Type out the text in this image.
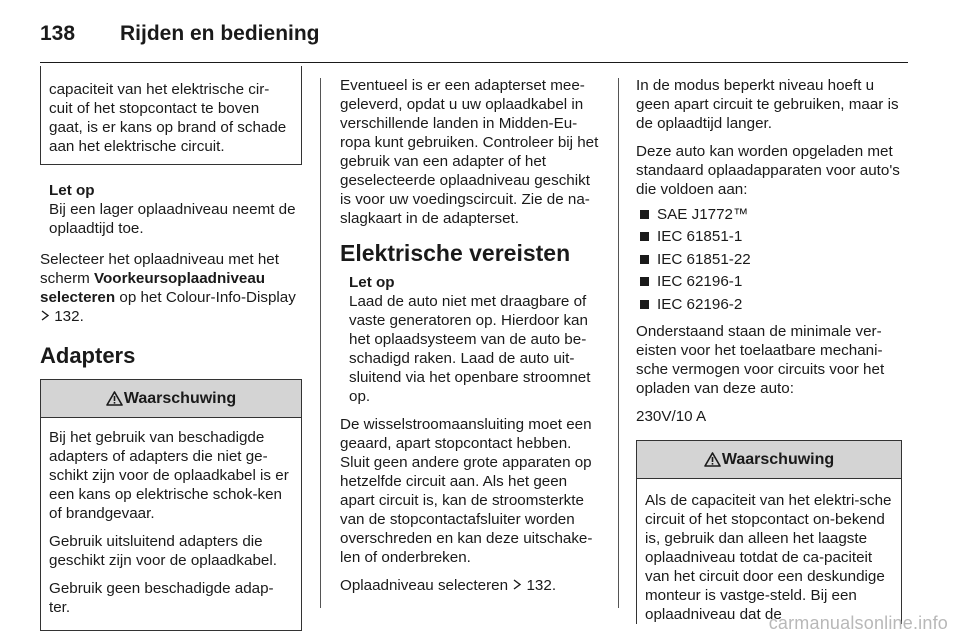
138	Rijden en bediening
capaciteit van het elektrische cir-
cuit of het stopcontact te boven
gaat, is er kans op brand of schade
aan het elektrische circuit.
Let op
Bij een lager oplaadniveau neemt de oplaadtijd toe.

Selecteer het oplaadniveau met het scherm Voorkeursoplaadniveau selecteren op het Colour-Info-Display
132.

Adapters
Waarschuwing

Bij het gebruik van beschadigde adapters of adapters die niet ge-schikt zijn voor de oplaadkabel is er een kans op elektrische schok-ken of brandgevaar.

Gebruik uitsluitend adapters die geschikt zijn voor de oplaadkabel.

Gebruik geen beschadigde adap-ter.

Eventueel is er een adapterset mee-geleverd, opdat u uw oplaadkabel in verschillende landen in Midden-Eu-ropa kunt gebruiken. Controleer bij het gebruik van een adapter of het geselecteerde oplaadniveau geschikt is voor uw voedingscircuit. Zie de na-slagkaart in de adapterset.

Elektrische vereisten
Let op
Laad de auto niet met draagbare of vaste generatoren op. Hierdoor kan het oplaadsysteem van de auto be-schadigd raken. Laad de auto uit-sluitend via het openbare stroomnet op.

De wisselstroomaansluiting moet een geaard, apart stopcontact hebben. Sluit geen andere grote apparaten op hetzelfde circuit aan. Als het geen apart circuit is, kan de stroomsterkte van de stopcontactafsluiter worden overschreden en kan deze uitschake-len of onderbreken.

Oplaadniveau selecteren  132.

In de modus beperkt niveau hoeft u geen apart circuit te gebruiken, maar is de oplaadtijd langer.

Deze auto kan worden opgeladen met standaard oplaadapparaten voor auto's die voldoen aan:

SAE J1772™
IEC 61851-1
IEC 61851-22
IEC 62196-1
IEC 62196-2

Onderstaand staan de minimale ver-eisten voor het toelaatbare mechani-sche vermogen voor circuits voor het opladen van deze auto:

230V/10 A

Waarschuwing

Als de capaciteit van het elektri-sche circuit of het stopcontact on-bekend is, gebruik dan alleen het laagste oplaadniveau totdat de ca-paciteit van het circuit door een deskundige monteur is vastge-steld. Bij een oplaadniveau dat de

carmanualsonline.info
